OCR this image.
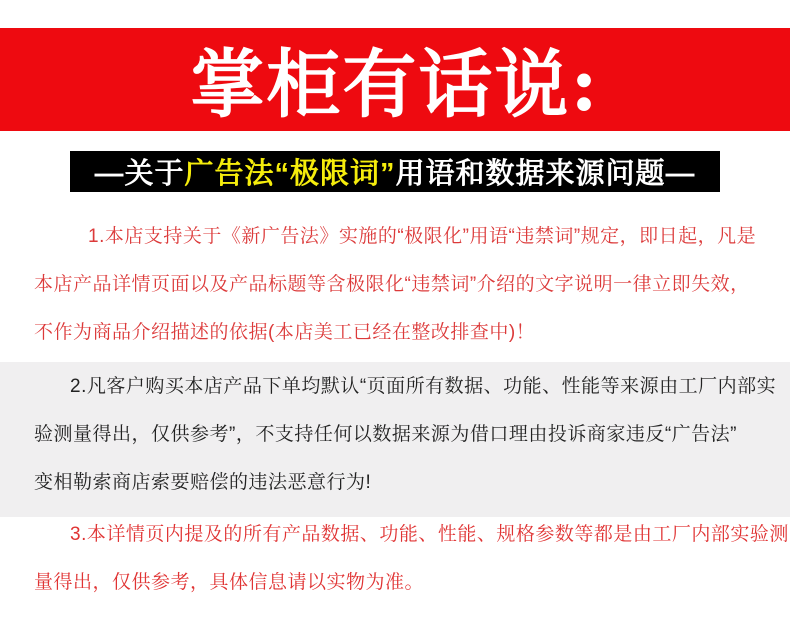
掌柜有话说:
—关于 广告法“极限词” 用语和数据来源问题—
1.本店支持关于《新广告法》实施的“极限化”用语“违禁词”规定，即日起，凡是
本店产品详情页面以及产品标题等含极限化“违禁词”介绍的文字说明一律立即失效，
不作为商品介绍描述的依据(本店美工已经在整改排查中)！
2.凡客户购买本店产品下单均默认“页面所有数据、功能、性能等来源由工厂内部实
验测量得出，仅供参考”，不支持任何以数据来源为借口理由投诉商家违反“广告法”
变相勒索商店索要赔偿的违法恶意行为!
3.本详情页内提及的所有产品数据、功能、性能、规格参数等都是由工厂内部实验测
量得出，仅供参考，具体信息请以实物为准。
